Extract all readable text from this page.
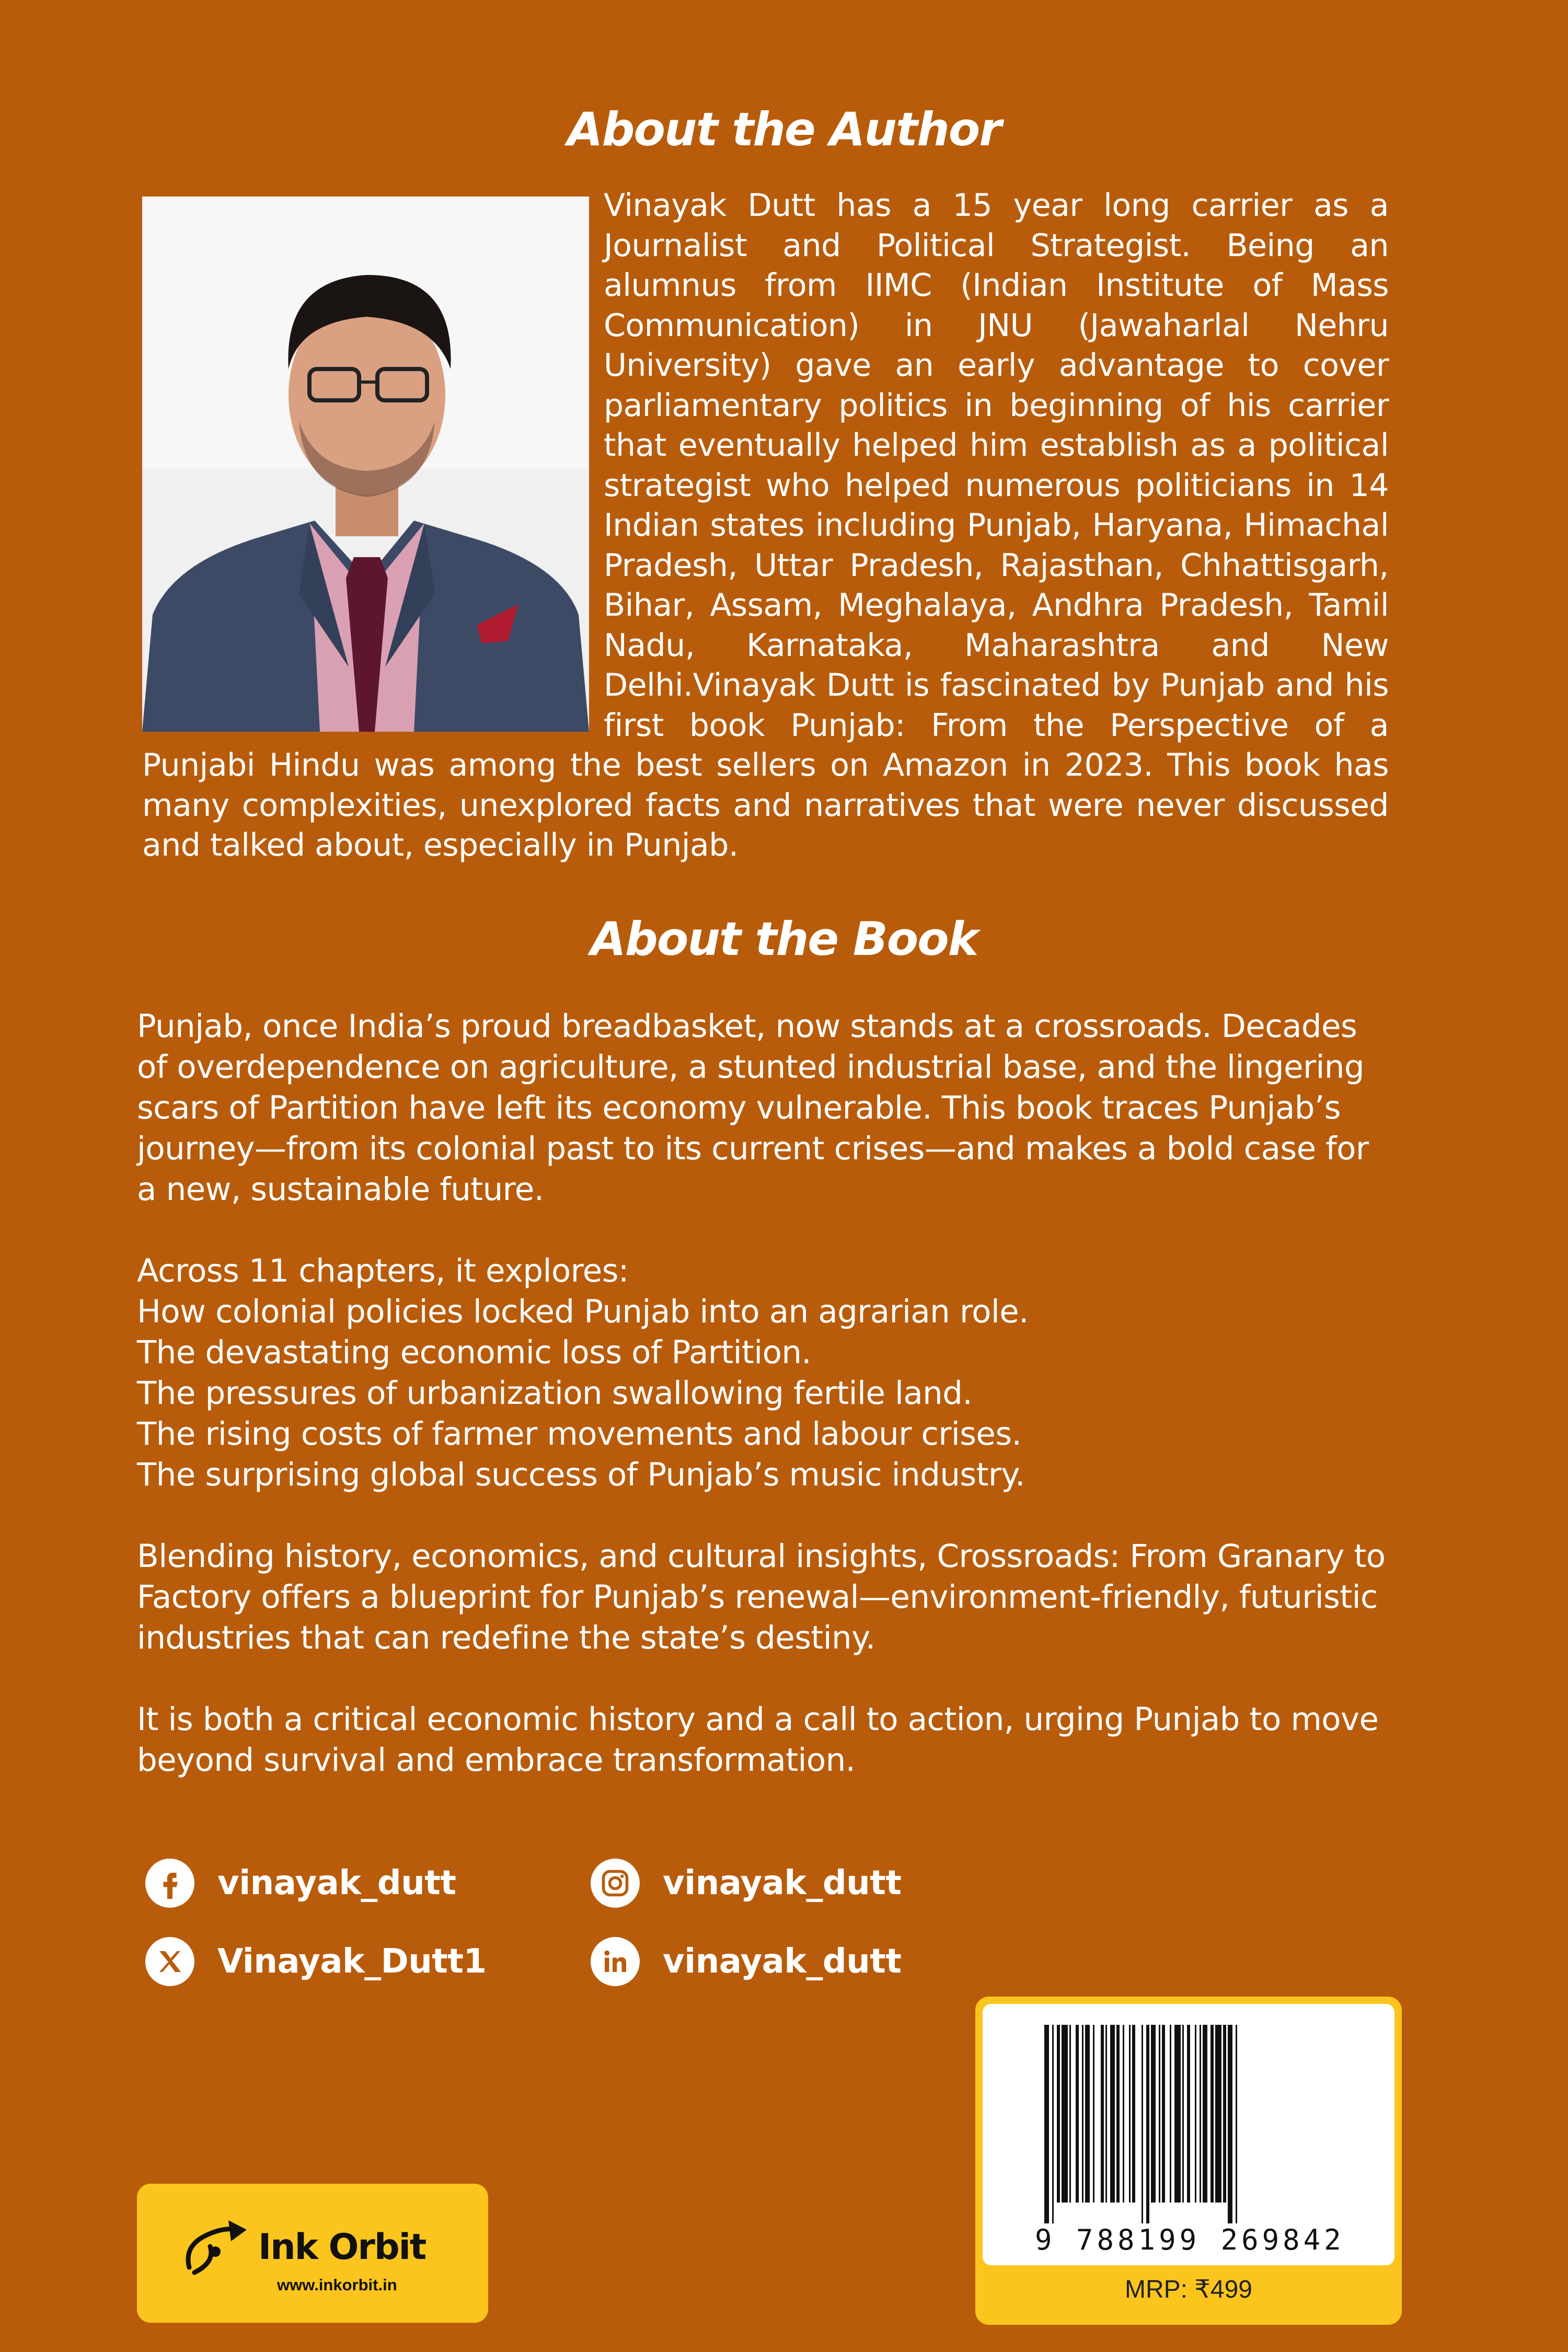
About the Author

Vinayak Dutt has a 15 year long carrier as a Journalist and Political Strategist. Being an alumnus from IIMC (Indian Institute of Mass Communication) in JNU (Jawaharlal Nehru University) gave an early advantage to cover parliamentary politics in beginning of his carrier that eventually helped him establish as a political strategist who helped numerous politicians in 14 Indian states including Punjab, Haryana, Himachal Pradesh, Uttar Pradesh, Rajasthan, Chhattisgarh, Bihar, Assam, Meghalaya, Andhra Pradesh, Tamil Nadu, Karnataka, Maharashtra and New Delhi.Vinayak Dutt is fascinated by Punjab and his first book Punjab: From the Perspective of a Punjabi Hindu was among the best sellers on Amazon in 2023. This book has many complexities, unexplored facts and narratives that were never discussed and talked about, especially in Punjab.

About the Book

Punjab, once India’s proud breadbasket, now stands at a crossroads. Decades of overdependence on agriculture, a stunted industrial base, and the lingering scars of Partition have left its economy vulnerable. This book traces Punjab’s journey—from its colonial past to its current crises—and makes a bold case for a new, sustainable future.

Across 11 chapters, it explores:
How colonial policies locked Punjab into an agrarian role.
The devastating economic loss of Partition.
The pressures of urbanization swallowing fertile land.
The rising costs of farmer movements and labour crises.
The surprising global success of Punjab’s music industry.

Blending history, economics, and cultural insights, Crossroads: From Granary to Factory offers a blueprint for Punjab’s renewal—environment-friendly, futuristic industries that can redefine the state’s destiny.

It is both a critical economic history and a call to action, urging Punjab to move beyond survival and embrace transformation.

vinayak_dutt	vinayak_dutt
Vinayak_Dutt1	vinayak_dutt
9 788199 269842
MRP: ₹499
Ink Orbit
www.inkorbit.in
